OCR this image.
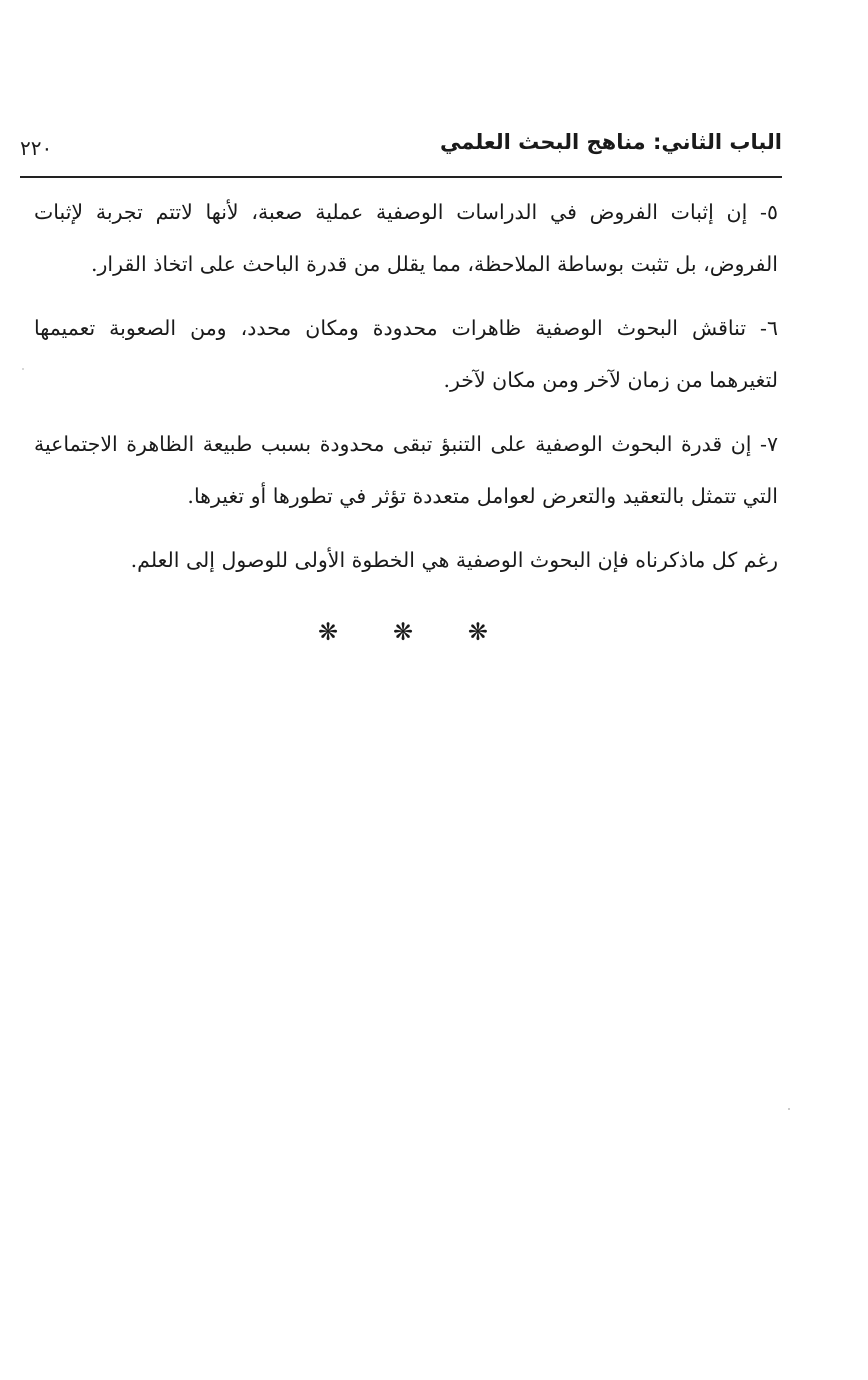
الباب الثاني: مناهج البحث العلمي
٢٢٠

٥- إن إثبات الفروض في الدراسات الوصفية عملية صعبة، لأنها لاتتم تجربة لإثبات الفروض، بل تثبت بوساطة الملاحظة، مما يقلل من قدرة الباحث على اتخاذ القرار.

٦- تناقش البحوث الوصفية ظاهرات محدودة ومكان محدد، ومن الصعوبة تعميمها لتغيرهما من زمان لآخر ومن مكان لآخر.

٧- إن قدرة البحوث الوصفية على التنبؤ تبقى محدودة بسبب طبيعة الظاهرة الاجتماعية التي تتمثل بالتعقيد والتعرض لعوامل متعددة تؤثر في تطورها أو تغيرها.

رغم كل ماذكرناه فإن البحوث الوصفية هي الخطوة الأولى للوصول إلى العلم.

❋ ❋ ❋
